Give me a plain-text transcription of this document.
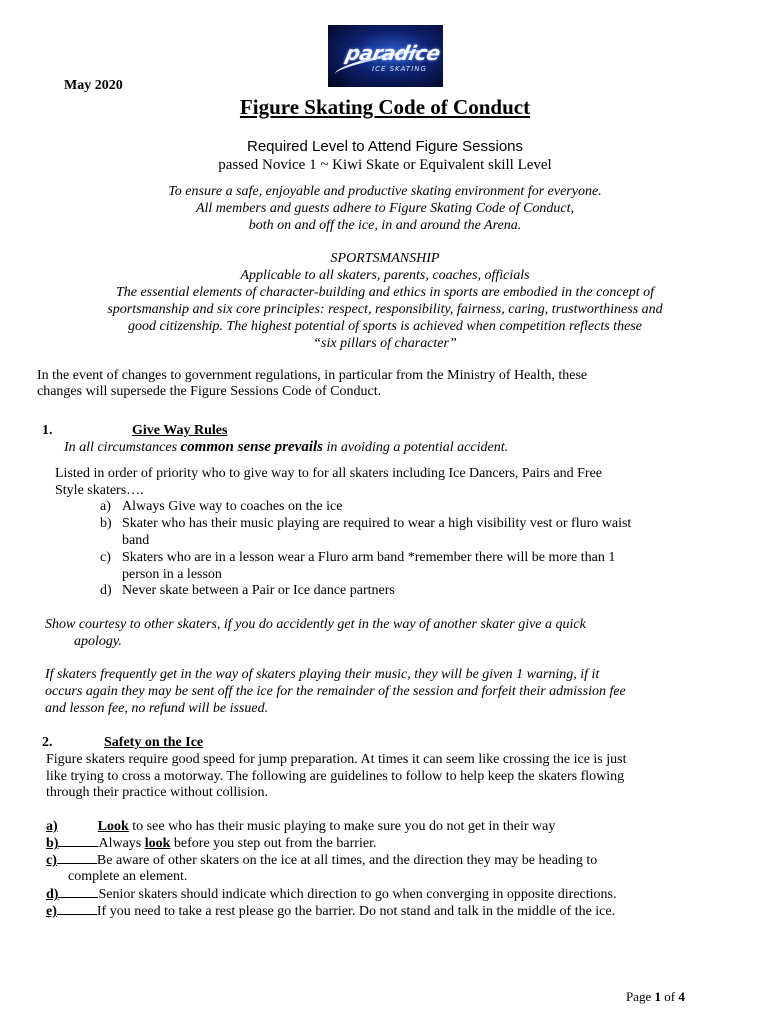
paradice
ICE SKATING
May 2020
Figure Skating Code of Conduct
Required Level to Attend Figure Sessions
passed Novice 1 ~ Kiwi Skate or Equivalent skill Level
To ensure a safe, enjoyable and productive skating environment for everyone.
All members and guests adhere to Figure Skating Code of Conduct,
both on and off the ice, in and around the Arena.
SPORTSMANSHIP
Applicable to all skaters, parents, coaches, officials
The essential elements of character-building and ethics in sports are embodied in the concept of
sportsmanship and six core principles: respect, responsibility, fairness, caring, trustworthiness and
good citizenship. The highest potential of sports is achieved when competition reflects these
“six pillars of character”
In the event of changes to government regulations, in particular from the Ministry of Health, these
changes will supersede the Figure Sessions Code of Conduct.
1.	Give Way Rules
In all circumstances common sense prevails in avoiding a potential accident.
Listed in order of priority who to give way to for all skaters including Ice Dancers, Pairs and Free
Style skaters….
a) Always Give way to coaches on the ice
b) Skater who has their music playing are required to wear a high visibility vest or fluro waist
band
c) Skaters who are in a lesson wear a Fluro arm band *remember there will be more than 1
person in a lesson
d) Never skate between a Pair or Ice dance partners
Show courtesy to other skaters, if you do accidently get in the way of another skater give a quick
apology.
If skaters frequently get in the way of skaters playing their music, they will be given 1 warning, if it
occurs again they may be sent off the ice for the remainder of the session and forfeit their admission fee
and lesson fee, no refund will be issued.
2.	Safety on the Ice
Figure skaters require good speed for jump preparation. At times it can seem like crossing the ice is just
like trying to cross a motorway. The following are guidelines to follow to help keep the skaters flowing
through their practice without collision.
a)	Look to see who has their music playing to make sure you do not get in their way
b)	Always look before you step out from the barrier.
c)	Be aware of other skaters on the ice at all times, and the direction they may be heading to
complete an element.
d)	Senior skaters should indicate which direction to go when converging in opposite directions.
e)	If you need to take a rest please go the barrier. Do not stand and talk in the middle of the ice.
Page 1 of 4
